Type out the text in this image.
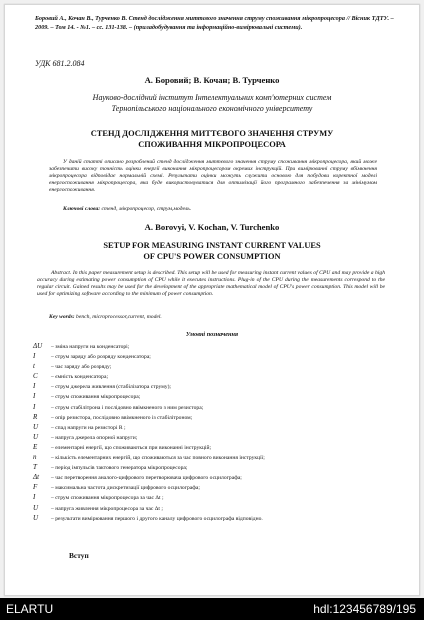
Боровий А., Кочан В., Турченко В. Стенд дослідження миттєвого значення струму споживання мікропроцесора // Вісник ТДТУ. – 2009. – Том 14. - №1. – сс. 131-138. – (приладобудування та інформаційно-вимірювальні системи).
УДК 681.2.084
А. Боровий; В. Кочан; В. Турченко
Науково-дослідний інститут Інтелектуальних комп'ютерних систем
Тернопільського національного економічного університету
СТЕНД ДОСЛІДЖЕННЯ МИТТЄВОГО ЗНАЧЕННЯ СТРУМУ
СПОЖИВАННЯ МІКРОПРОЦЕСОРА
У даній статті описано розроблений стенд дослідження миттєвого значення струму споживання мікропроцесора, який може забезпечити високу точність оцінки енергії виконання мікропроцесором окремих інструкцій. При вимірюванні струму вбімкнення мікропроцесора відповідає нормальній схемі. Результати оцінки можуть служити основою для побудови коректної моделі енергоспоживання мікропроцесора, яка буде використовуватися для оптимізації його програмного забезпечення за мінімумом енергоспоживання.
Ключові слова: стенд, мікропроцесор, струм,модель.
A. Borovyi, V. Kochan, V. Turchenko
SETUP FOR MEASURING INSTANT CURRENT VALUES
OF CPU'S POWER CONSUMPTION
Abstract. In this paper measurement setup is described. This setup will be used for measuring instant current values of CPU and may provide a high accuracy during estimating power consumption of CPU while it executes instructions. Plug-in of the CPU during the measurements correspond to the regular circuit. Gained results may be used for the development of the appropriate mathematical model of CPU's power consumption. This model will be used for optimizing software according to the minimum of power consumption.
Key words: bench, microprocessor,current, model.
Умовні позначення
ΔU – зміна напруги на конденсаторі;
I	– струм заряду або розряду конденсатора;
t	– час заряду або розряду;
C – ємність конденсатора;
I	– струм джерела живлення (стабілізатора струму);
I	– струм споживання мікропроцесора;
I	– струм стабілітрона і послідовно ввімкненого з ним резистора;
R – опір резистора, послідовно ввімкненого із стабілітроном;
U – спад напруги на резисторі R ;
U – напруга джерела опорної напруги;
E – елементарні енергії, що споживаються при виконанні інструкцій;
n	– кількість елементарних енергій, що споживаються за час повного виконання інструкції;
T	– період імпульсів тактового генератора мікропроцесора;
Δt – час перетворення аналого-цифрового перетворювача цифрового осцилографа;
F – максимальна частота дискретизації цифрового осцилографа;
I	– струм споживання мікропроцесора за час Δt ;
U – напруга живлення мікропроцесора за час Δt ;
U – результати вимірювання першого і другого каналу цифрового осцилографа відповідно.
Вступ
ELARTU	hdl:123456789/195
